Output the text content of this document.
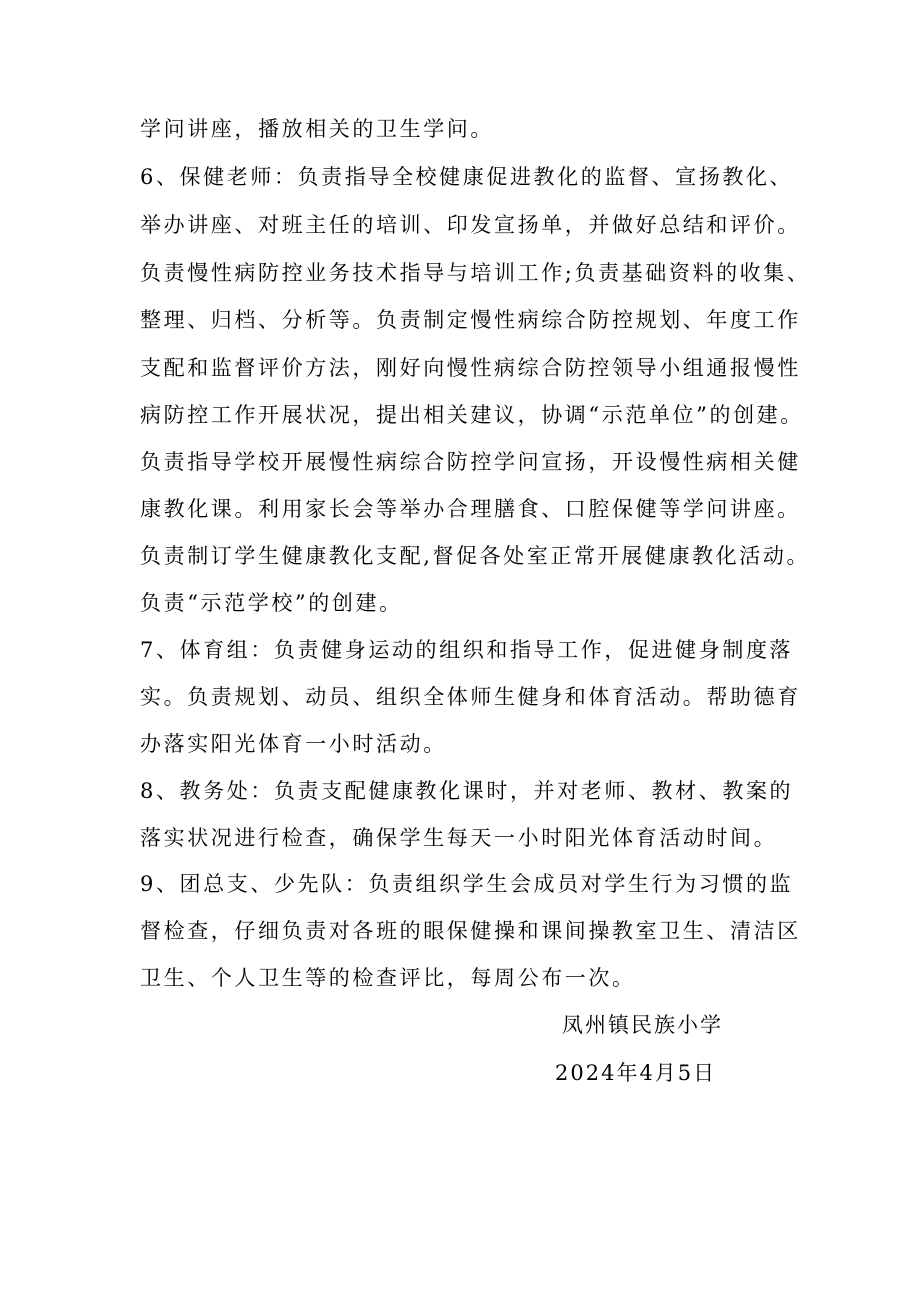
学问讲座，播放相关的卫生学问。
6、保健老师：负责指导全校健康促进教化的监督、宣扬教化、
举办讲座、对班主任的培训、印发宣扬单，并做好总结和评价。
负责慢性病防控业务技术指导与培训工作;负责基础资料的收集、
整理、归档、分析等。负责制定慢性病综合防控规划、年度工作
支配和监督评价方法，刚好向慢性病综合防控领导小组通报慢性
病防控工作开展状况，提出相关建议，协调“示范单位”的创建。
负责指导学校开展慢性病综合防控学问宣扬，开设慢性病相关健
康教化课。利用家长会等举办合理膳食、口腔保健等学问讲座。
负责制订学生健康教化支配,督促各处室正常开展健康教化活动。
负责“示范学校”的创建。
7、体育组：负责健身运动的组织和指导工作，促进健身制度落
实。负责规划、动员、组织全体师生健身和体育活动。帮助德育
办落实阳光体育一小时活动。
8、教务处：负责支配健康教化课时，并对老师、教材、教案的
落实状况进行检查，确保学生每天一小时阳光体育活动时间。
9、团总支、少先队：负责组织学生会成员对学生行为习惯的监
督检查，仔细负责对各班的眼保健操和课间操教室卫生、清洁区
卫生、个人卫生等的检查评比，每周公布一次。
凤州镇民族小学
2024年4月5日
